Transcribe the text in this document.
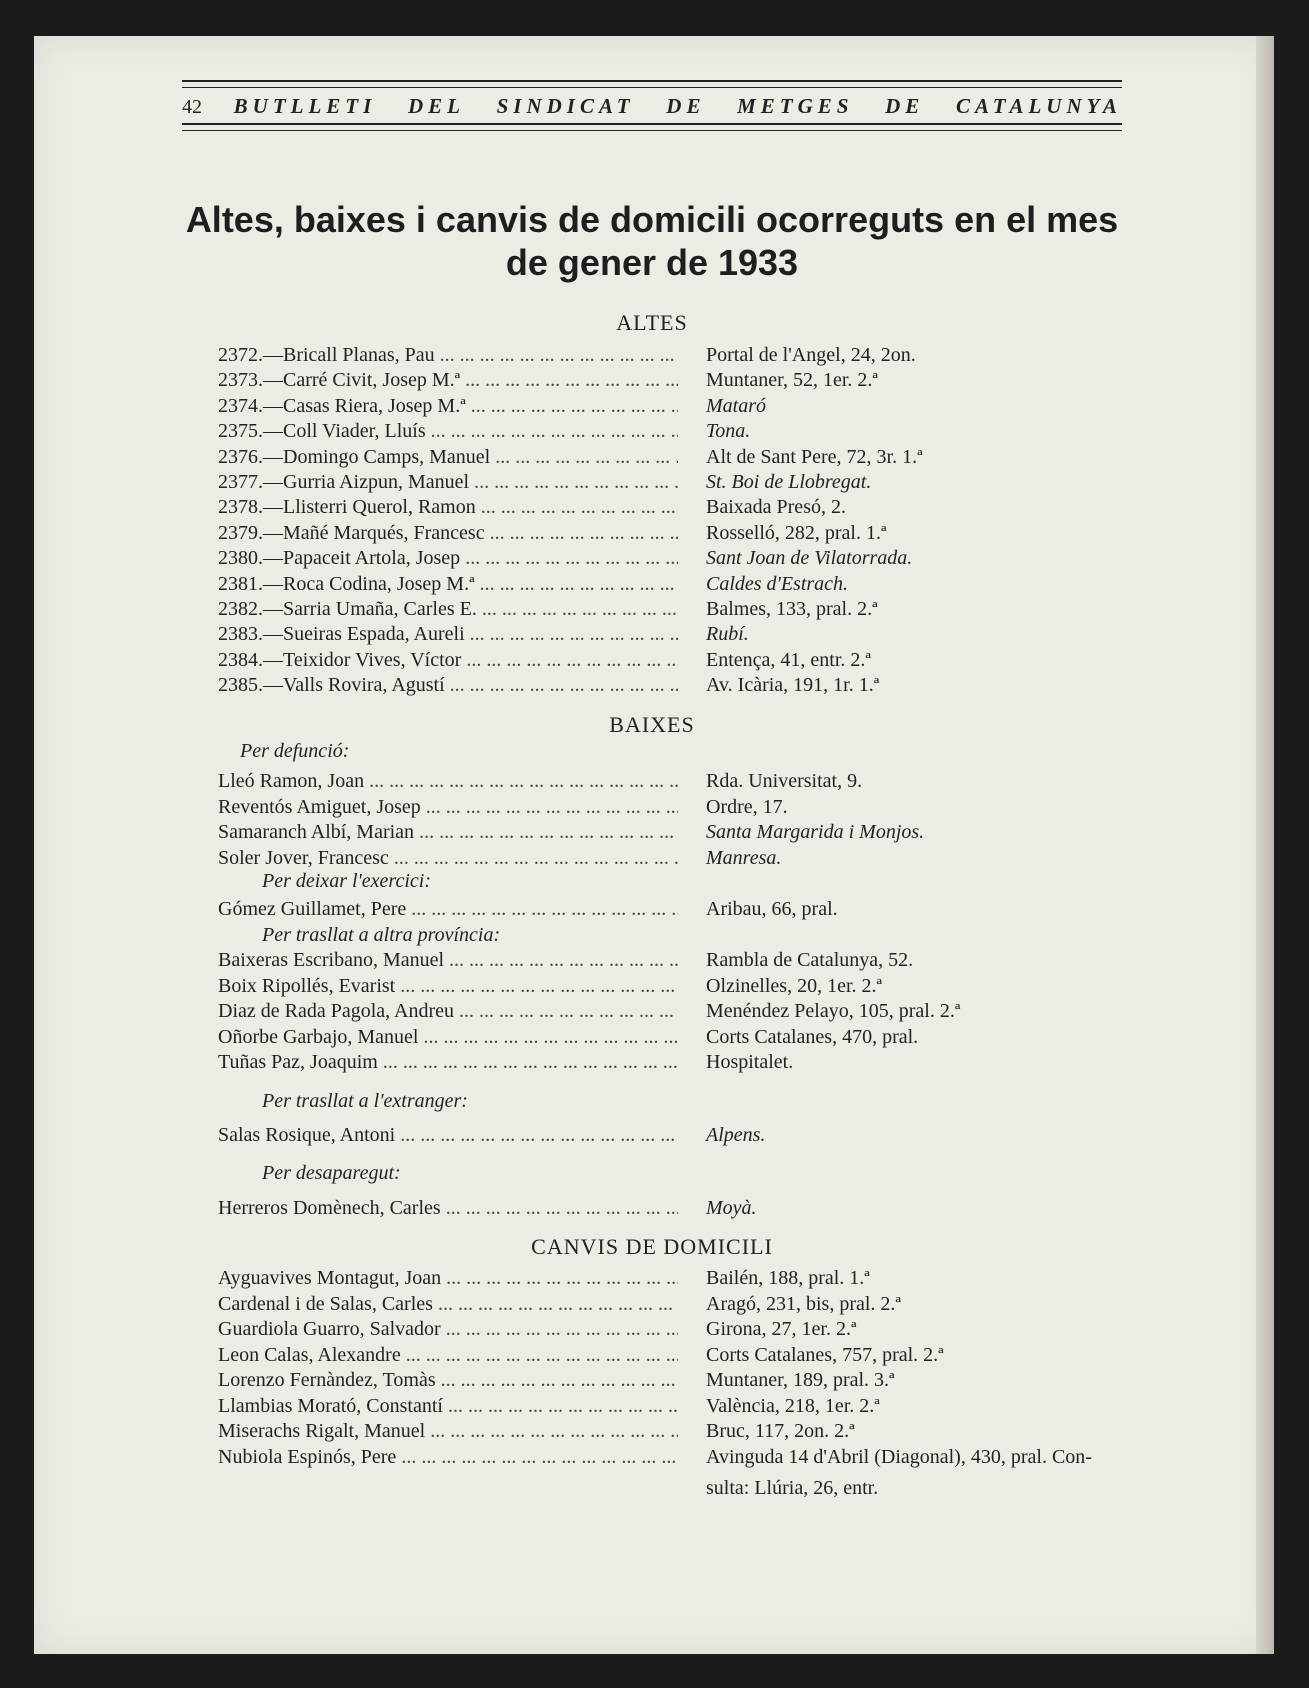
42 BUTLLETI DEL SINDICAT DE METGES DE CATALUNYA
Altes, baixes i canvis de domicili ocorreguts en el mes
de gener de 1933
ALTES
2372.—Bricall Planas, Pau ... .	Portal de l'Angel, 24, 2on.
2373.—Carré Civit, Josep M.ª ... .	Muntaner, 52, 1er. 2.ª
2374.—Casas Riera, Josep M.ª ... .	Mataró
2375.—Coll Viader, Lluís ... .	Tona.
2376.—Domingo Camps, Manuel ... .	Alt de Sant Pere, 72, 3r. 1.ª
2377.—Gurria Aizpun, Manuel ... .	St. Boi de Llobregat.
2378.—Llisterri Querol, Ramon ... .	Baixada Presó, 2.
2379.—Mañé Marqués, Francesc ... .	Rosselló, 282, pral. 1.ª
2380.—Papaceit Artola, Josep ... .	Sant Joan de Vilatorrada.
2381.—Roca Codina, Josep M.ª ... .	Caldes d'Estrach.
2382.—Sarria Umaña, Carles E. ... .	Balmes, 133, pral. 2.ª
2383.—Sueiras Espada, Aureli ... .	Rubí.
2384.—Teixidor Vives, Víctor ... .	Entença, 41, entr. 2.ª
2385.—Valls Rovira, Agustí ... .	Av. Icària, 191, 1r. 1.ª
BAIXES
Per defunció:
Lleó Ramon, Joan ... .	Rda. Universitat, 9.
Reventós Amiguet, Josep ... .	Ordre, 17.
Samaranch Albí, Marian ... .	Santa Margarida i Monjos.
Soler Jover, Francesc ... .	Manresa.
Per deixar l'exercici:
Gómez Guillamet, Pere ... .	Aribau, 66, pral.
Per trasllat a altra província:
Baixeras Escribano, Manuel ... .	Rambla de Catalunya, 52.
Boix Ripollés, Evarist ... .	Olzinelles, 20, 1er. 2.ª
Diaz de Rada Pagola, Andreu ... .	Menéndez Pelayo, 105, pral. 2.ª
Oñorbe Garbajo, Manuel ... .	Corts Catalanes, 470, pral.
Tuñas Paz, Joaquim ... .	Hospitalet.
Per trasllat a l'extranger:
Salas Rosique, Antoni ... .	Alpens.
Per desaparegut:
Herreros Domènech, Carles ... .	Moyà.
CANVIS DE DOMICILI
Ayguavives Montagut, Joan ... .	Bailén, 188, pral. 1.ª
Cardenal i de Salas, Carles ... .	Aragó, 231, bis, pral. 2.ª
Guardiola Guarro, Salvador ... .	Girona, 27, 1er. 2.ª
Leon Calas, Alexandre ... .	Corts Catalanes, 757, pral. 2.ª
Lorenzo Fernàndez, Tomàs ... .	Muntaner, 189, pral. 3.ª
Llambias Morató, Constantí ... .	València, 218, 1er. 2.ª
Miserachs Rigalt, Manuel ... .	Bruc, 117, 2on. 2.ª
Nubiola Espinós, Pere ... .	Avinguda 14 d'Abril (Diagonal), 430, pral. Con-
sulta: Llúria, 26, entr.
